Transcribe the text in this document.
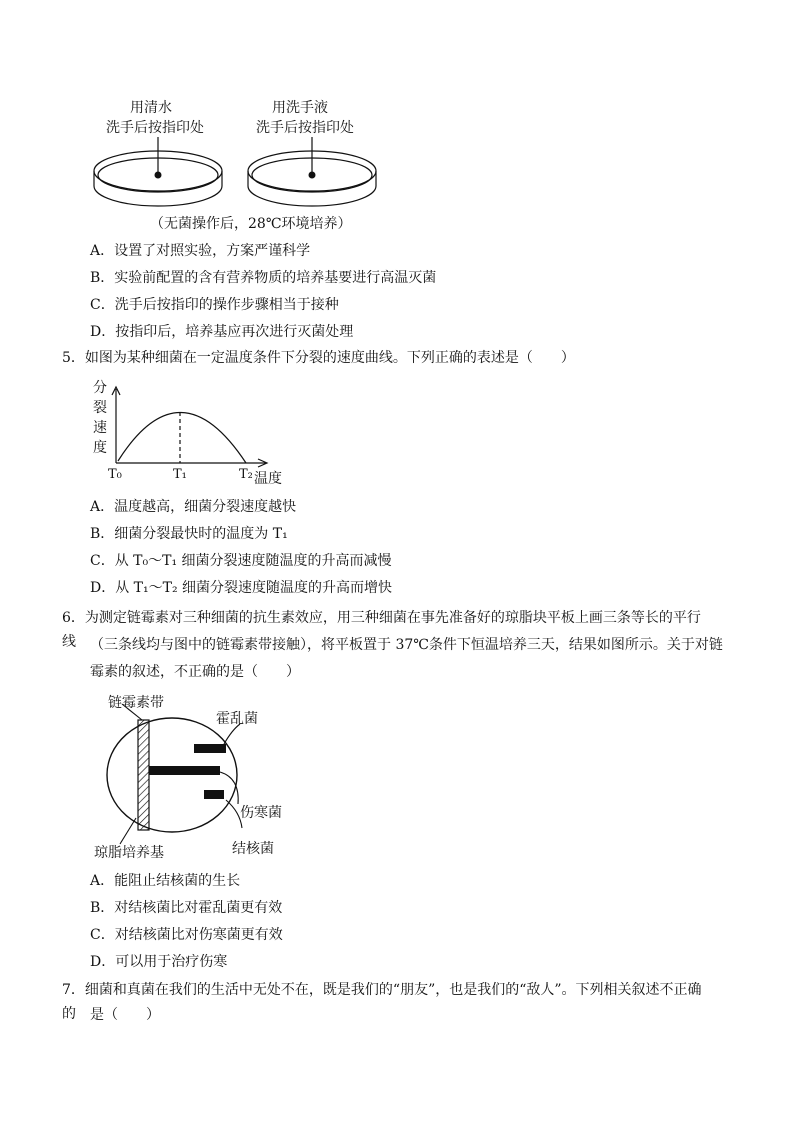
用清水
洗手后按指印处
用洗手液
洗手后按指印处
（无菌操作后，28℃环境培养）
A．设置了对照实验，方案严谨科学
B．实验前配置的含有营养物质的培养基要进行高温灭菌
C．洗手后按指印的操作步骤相当于接种
D．按指印后，培养基应再次进行灭菌处理
5．如图为某种细菌在一定温度条件下分裂的速度曲线。下列正确的表述是（　　）
分
裂
速
度
T₀	T₁	T₂ 温度
A．温度越高，细菌分裂速度越快
B．细菌分裂最快时的温度为 T₁
C．从 T₀～T₁ 细菌分裂速度随温度的升高而减慢
D．从 T₁～T₂ 细菌分裂速度随温度的升高而增快
6．为测定链霉素对三种细菌的抗生素效应，用三种细菌在事先准备好的琼脂块平板上画三条等长的平行线	（三条线均与图中的链霉素带接触），将平板置于 37℃条件下恒温培养三天，结果如图所示。关于对链
霉素的叙述，不正确的是（　　）
链霉素带
霍乱菌
伤寒菌
结核菌
琼脂培养基
A．能阻止结核菌的生长
B．对结核菌比对霍乱菌更有效
C．对结核菌比对伤寒菌更有效
D．可以用于治疗伤寒
7．细菌和真菌在我们的生活中无处不在，既是我们的“朋友”，也是我们的“敌人”。下列相关叙述不正确的	是（　　）
